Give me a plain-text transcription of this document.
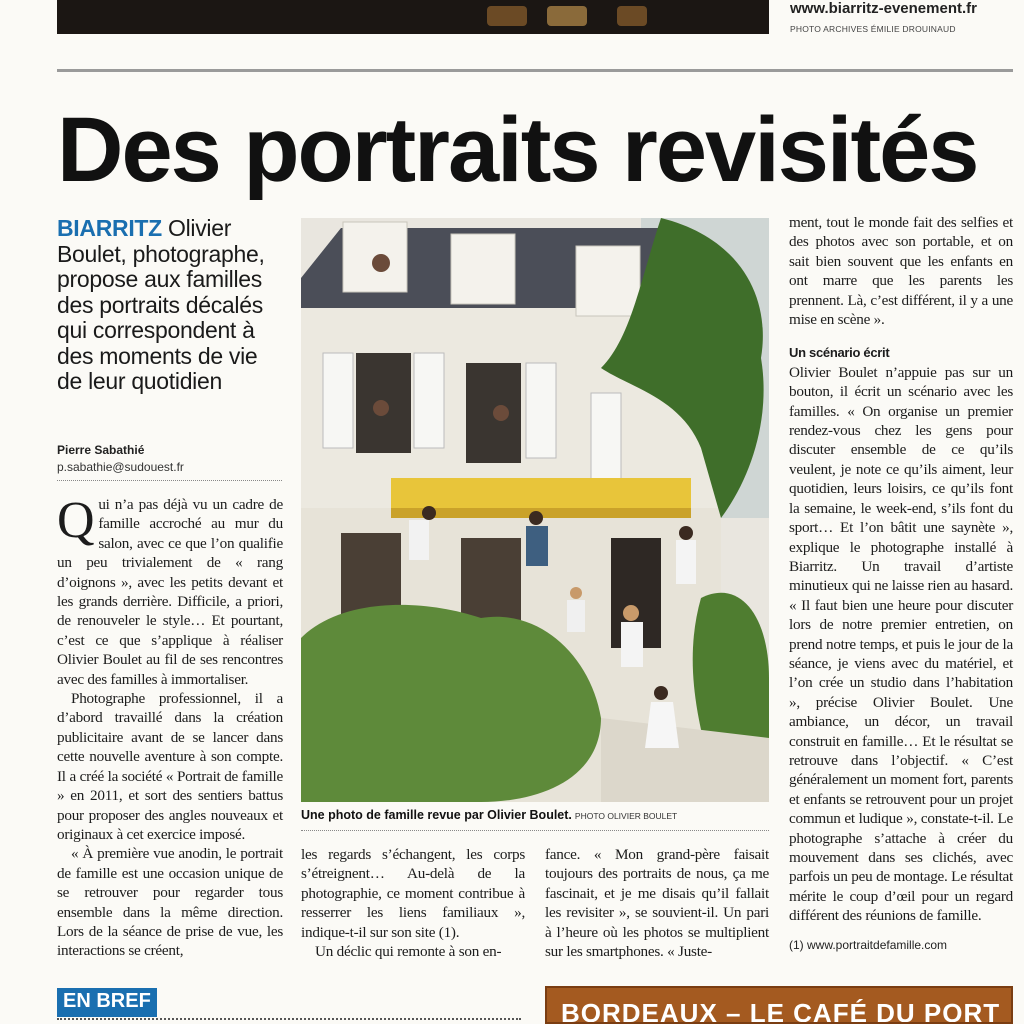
www.biarritz-evenement.fr
PHOTO ARCHIVES ÉMILIE DROUINAUD
Des portraits revisités
BIARRITZ Olivier Boulet, photographe, propose aux familles des portraits décalés qui correspondent à des moments de vie de leur quotidien
Pierre Sabathié
p.sabathie@sudouest.fr

Qui n’a pas déjà vu un cadre de famille accroché au mur du salon, avec ce que l’on qualifie un peu trivialement de « rang d’oignons », avec les petits devant et les grands derrière. Difficile, a priori, de renouveler le style… Et pourtant, c’est ce que s’applique à réaliser Olivier Boulet au fil de ses rencontres avec des familles à immortaliser.

Photographe professionnel, il a d’abord travaillé dans la création publicitaire avant de se lancer dans cette nouvelle aventure à son compte. Il a créé la société « Portrait de famille » en 2011, et sort des sentiers battus pour proposer des angles nouveaux et originaux à cet exercice imposé.

« À première vue anodin, le portrait de famille est une occasion unique de se retrouver pour regarder tous ensemble dans la même direction. Lors de la séance de prise de vue, les interactions se créent,

Une photo de famille revue par Olivier Boulet. PHOTO OLIVIER BOULET

les regards s’échangent, les corps s’étreignent… Au-delà de la photographie, ce moment contribue à resserrer les liens familiaux », indique-t-il sur son site (1).

Un déclic qui remonte à son en-

fance. « Mon grand-père faisait toujours des portraits de nous, ça me fascinait, et je me disais qu’il fallait les revisiter », se souvient-il. Un pari à l’heure où les photos se multiplient sur les smartphones. « Juste-

ment, tout le monde fait des selfies et des photos avec son portable, et on sait bien souvent que les enfants en ont marre que les parents les prennent. Là, c’est différent, il y a une mise en scène ».

Un scénario écrit

Olivier Boulet n’appuie pas sur un bouton, il écrit un scénario avec les familles. « On organise un premier rendez-vous chez les gens pour discuter ensemble de ce qu’ils veulent, je note ce qu’ils aiment, leur quotidien, leurs loisirs, ce qu’ils font la semaine, le week-end, s’ils font du sport… Et l’on bâtit une saynète », explique le photographe installé à Biarritz. Un travail d’artiste minutieux qui ne laisse rien au hasard. « Il faut bien une heure pour discuter lors de notre premier entretien, on prend notre temps, et puis le jour de la séance, je viens avec du matériel, et l’on crée un studio dans l’habitation », précise Olivier Boulet. Une ambiance, un décor, un travail construit en famille… Et le résultat se retrouve dans l’objectif. « C’est généralement un moment fort, parents et enfants se retrouvent pour un projet commun et ludique », constate-t-il. Le photographe s’attache à créer du mouvement dans ses clichés, avec parfois un peu de montage. Le résultat mérite le coup d’œil pour un regard différent des réunions de famille.

(1) www.portraitdefamille.com
EN BREF	BORDEAUX – LE CAFÉ DU PORT
